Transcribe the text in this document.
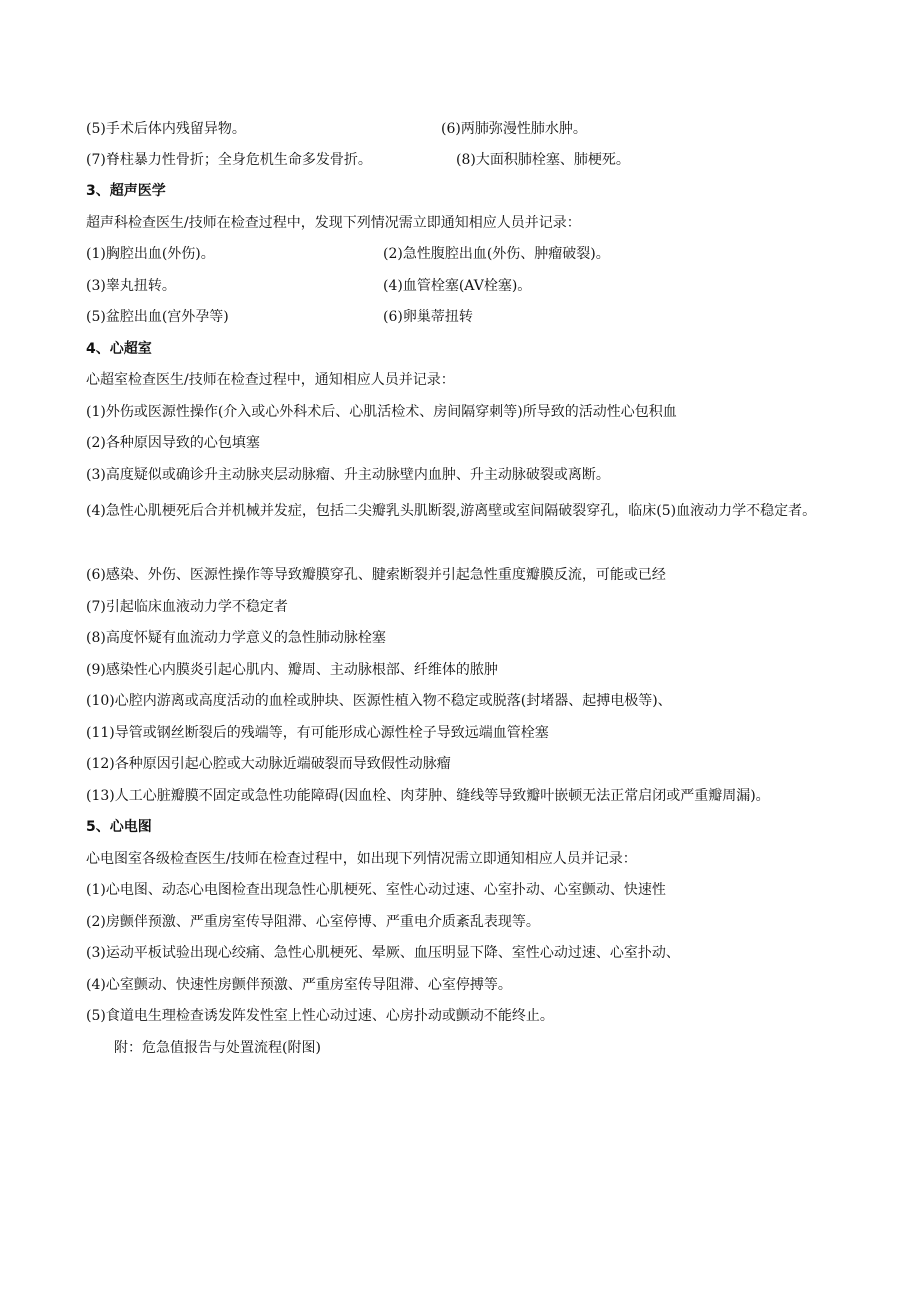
(5)手术后体内残留异物。	(6)两肺弥漫性肺水肿。
(7)脊柱暴力性骨折；全身危机生命多发骨折。	(8)大面积肺栓塞、肺梗死。
3、超声医学
超声科检查医生/技师在检查过程中，发现下列情况需立即通知相应人员并记录：
(1)胸腔出血(外伤)。	(2)急性腹腔出血(外伤、肿瘤破裂)。
(3)睾丸扭转。	(4)血管栓塞(AV栓塞)。
(5)盆腔出血(宫外孕等)	(6)卵巢蒂扭转
4、心超室
心超室检查医生/技师在检查过程中，通知相应人员并记录：
(1)外伤或医源性操作(介入或心外科术后、心肌活检术、房间隔穿刺等)所导致的活动性心包积血
(2)各种原因导致的心包填塞
(3)高度疑似或确诊升主动脉夹层动脉瘤、升主动脉壁内血肿、升主动脉破裂或离断。
(4)急性心肌梗死后合并机械并发症，包括二尖瓣乳头肌断裂,游离壁或室间隔破裂穿孔，临床(5)血液动力学不稳定者。
(6)感染、外伤、医源性操作等导致瓣膜穿孔、腱索断裂并引起急性重度瓣膜反流，可能或已经
(7)引起临床血液动力学不稳定者
(8)高度怀疑有血流动力学意义的急性肺动脉栓塞
(9)感染性心内膜炎引起心肌内、瓣周、主动脉根部、纤维体的脓肿
(10)心腔内游离或高度活动的血栓或肿块、医源性植入物不稳定或脱落(封堵器、起搏电极等)、
(11)导管或钢丝断裂后的残端等，有可能形成心源性栓子导致远端血管栓塞
(12)各种原因引起心腔或大动脉近端破裂而导致假性动脉瘤
(13)人工心脏瓣膜不固定或急性功能障碍(因血栓、肉芽肿、缝线等导致瓣叶嵌顿无法正常启闭或严重瓣周漏)。
5、心电图
心电图室各级检查医生/技师在检查过程中，如出现下列情况需立即通知相应人员并记录：
(1)心电图、动态心电图检查出现急性心肌梗死、室性心动过速、心室扑动、心室颤动、快速性
(2)房颤伴预激、严重房室传导阻滞、心室停博、严重电介质紊乱表现等。
(3)运动平板试验出现心绞痛、急性心肌梗死、晕厥、血压明显下降、室性心动过速、心室扑动、
(4)心室颤动、快速性房颤伴预激、严重房室传导阻滞、心室停搏等。
(5)食道电生理检查诱发阵发性室上性心动过速、心房扑动或颤动不能终止。
附：危急值报告与处置流程(附图)
